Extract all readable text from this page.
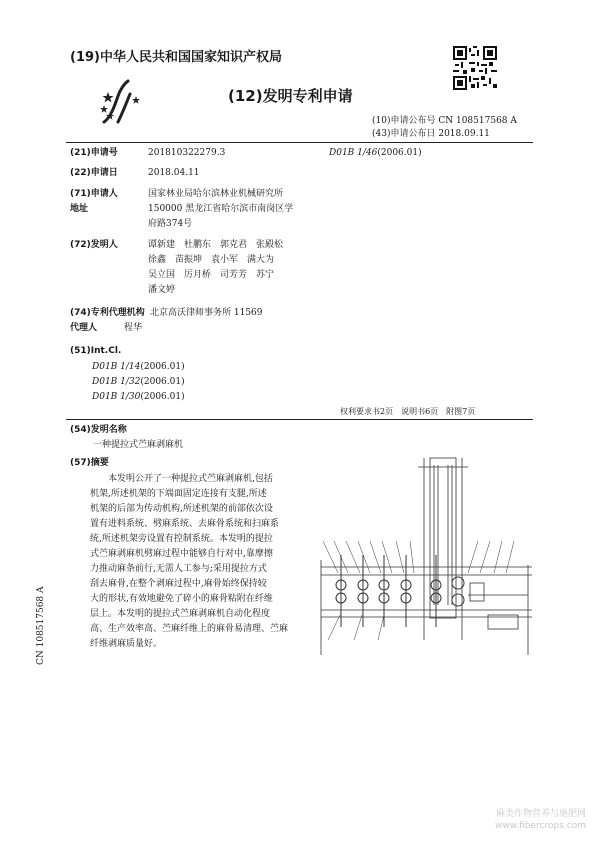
(19)中华人民共和国国家知识产权局
(12)发明专利申请
(10)申请公布号 CN 108517568 A
(43)申请公布日 2018.09.11
(21)申请号	201810322279.3	D01B 1/46(2006.01)
(22)申请日	2018.04.11
(71)申请人	国家林业局哈尔滨林业机械研究所
地址	150000 黑龙江省哈尔滨市南岗区学
府路374号
(72)发明人	谭新建　杜鹏东　郭克君　张殿松
徐鑫　苗振坤　袁小军　满大为
吴立国　厉月桥　司芳芳　苏宁
潘文婷
(74)专利代理机构 北京高沃律师事务所 11569
代理人	程华
(51)Int.Cl.
D01B 1/14(2006.01)
D01B 1/32(2006.01)
D01B 1/30(2006.01)
权利要求书2页　说明书6页　附图7页
(54)发明名称
一种提拉式苎麻剥麻机
(57)摘要
本发明公开了一种提拉式苎麻剥麻机,包括
机架,所述机架的下端面固定连接有支腿,所述
机架的后部为传动机构,所述机架的前部依次设
置有进料系统、劈麻系统、去麻骨系统和扫麻系
统,所述机架旁设置有控制系统。本发明的提拉
式苎麻剥麻机劈麻过程中能够自行对中,靠摩擦
力推动麻条前行,无需人工参与;采用提拉方式
刮去麻骨,在整个剥麻过程中,麻骨始终保持较
大的形状,有效地避免了碎小的麻骨粘附在纤维
层上。本发明的提拉式苎麻剥麻机自动化程度
高、生产效率高、苎麻纤维上的麻骨易清理、苎麻
纤维剥麻质量好。
CN 108517568 A
麻类作物营养与施肥网
www.fibercrops.com
